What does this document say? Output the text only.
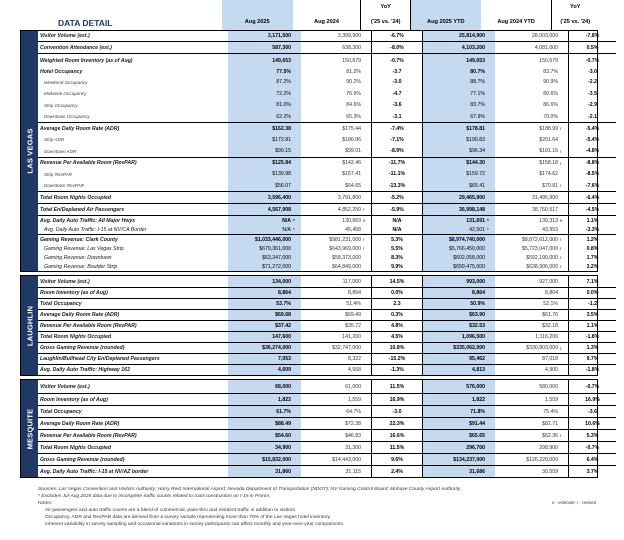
DATA DETAIL	Aug 2025	Aug 2024
YoY
('25 vs. '24)	Aug 2025 YTD	Aug 2024 YTD
YoY
('25 vs. '24)
LAS VEGAS
Visitor Volume (est.)	3,171,500	3,399,900	-6.7%	25,814,900	28,003,000	-7.8%
Convention Attendance (est.)	587,300	638,300	-8.0%	4,103,200	4,081,000	0.5%
Weighted Room Inventory (as of Aug)	149,653	150,679	-0.7%	149,653	150,679	-0.7%
Hotel Occupancy	77.5%	81.2%	-3.7	80.7%	83.7%	-3.0
Weekend Occupancy	87.2%	90.2%	-3.0	88.7%	90.9%	-2.2
Midweek Occupancy	72.2%	76.9%	-4.7	77.1%	80.6%	-3.5
Strip Occupancy	81.0%	84.6%	-3.6	83.7%	86.6%	-2.9
Downtown Occupancy	62.2%	65.3%	-3.1	67.9%	70.0%	-2.1
Average Daily Room Rate (ADR)	$162.38	$175.44	-7.4%	$178.81	$188.99 r	-5.4%
Strip ADR	$172.81	$186.06	-7.1%	$190.83	$201.64	-5.4%
Downtown ADR	$90.15	$99.01	-8.9%	$96.34	$101.16 r	-4.8%
Revenue Per Available Room (RevPAR)	$125.84	$142.46	-11.7%	$144.30	$158.18 r	-8.8%
Strip RevPAR	$139.98	$157.41	-11.1%	$159.72	$174.62	-8.5%
Downtown RevPAR	$56.07	$64.65	-13.3%	$65.41	$70.81 r	-7.6%
Total Room Nights Occupied	3,596,400	3,791,800	-5.2%	29,465,900	31,495,900	-6.4%
Total En/Deplaned Air Passengers	4,567,908	4,852,250 r	-5.9%	36,998,148	38,760,517	-4.5%
Avg. Daily Auto Traffic: All Major Hwys	N/A *	130,663 e	N/A	131,691 *	130,313 e	1.1%
Avg. Daily Auto Traffic: I-15 at NV/CA Border	N/A *	45,458	N/A	42,501 *	43,953	-3.3%
Gaming Revenue: Clark County	$1,033,446,000	$981,231,000 r	5.3%	$8,974,740,000	$8,872,612,000 r	1.2%
Gaming Revenue: Las Vegas Strip	$679,361,000	$643,969,000 r	5.5%	$5,766,450,000	$5,723,047,000 r	0.8%
Gaming Revenue: Downtown	$63,247,000	$58,373,000	8.3%	$602,058,000	$592,190,000 r	1.7%
Gaming Revenue: Boulder Strip	$71,272,000	$64,849,000	9.9%	$659,475,000	$638,906,000 r	3.2%
LAUGHLIN
Visitor Volume (est.)	134,000	117,000	14.5%	993,000	927,000	7.1%
Room Inventory (as of Aug)	8,864	8,864	0.0%	8,864	8,864	0.0%
Total Occupancy	53.7%	51.4%	2.3	50.9%	52.1%	-1.2
Average Daily Room Rate (ADR)	$69.68	$69.49	0.3%	$63.90	$61.76	3.5%
Revenue Per Available Room (RevPAR)	$37.42	$35.72	4.8%	$32.53	$32.18	1.1%
Total Room Nights Occupied	147,600	141,200	4.5%	1,096,500	1,116,200	-1.8%
Gross Gaming Revenue (rounded)	$36,274,000	$32,747,000	10.8%	$335,062,000	$330,803,000 r	1.3%
Laughlin/Bullhead City En/Deplaned Passengers	7,053	8,322	-15.2%	95,462	87,018	9.7%
Avg. Daily Auto Traffic: Highway 163	4,609	4,668	-1.3%	4,813	4,900	-1.8%
MESQUITE
Visitor Volume (est.)	68,000	61,000	11.5%	576,000	580,000	-0.7%
Room Inventory (as of Aug)	1,822	1,559	16.9%	1,822	1,559	16.9%
Total Occupancy	61.7%	64.7%	-3.0	71.8%	75.4%	-3.6
Average Daily Room Rate (ADR)	$88.49	$72.38	22.3%	$91.44	$82.71	10.6%
Revenue Per Available Room (RevPAR)	$54.60	$46.83	16.6%	$65.65	$62.36 r	5.3%
Total Room Nights Occupied	34,900	31,300	11.5%	296,700	298,900	-0.7%
Gross Gaming Revenue (rounded)	$15,832,000	$14,443,000	9.6%	$134,237,000	$126,220,000	6.4%
Avg. Daily Auto Traffic: I-15 at NV/AZ border	31,860	31,115	2.4%	31,686	30,559	3.7%
Sources: Las Vegas Convention and Visitors Authority; Harry Reid International Airport; Nevada Department of Transportation (NDOT); NV Gaming Control Board; Mohave County Airport Authority
* Excludes Jul-Aug 2025 data due to incomplete traffic counts related to road construction on I-15 in Primm.
Notes:	e - estimate; r - revised
Air passengers and auto traffic counts are a blend of commercial, pass-thru and resident traffic in addition to visitors.
Occupancy, ADR and RevPAR data are derived from a survey sample representing more than 75% of the Las Vegas hotel inventory.
Inherent variability in survey sampling and occasional variations in survey participants can affect monthly and year-over-year comparisons.
